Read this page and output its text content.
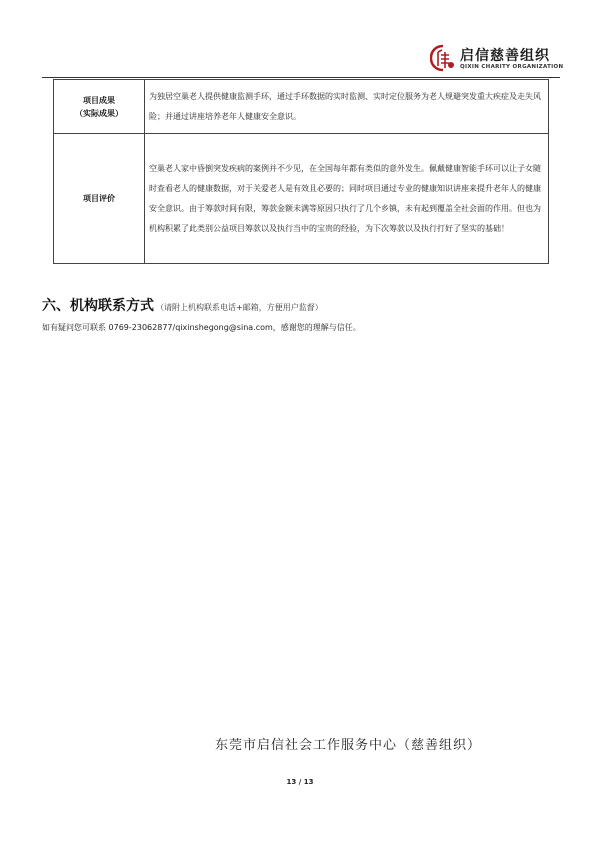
启信慈善组织
QIXIN CHARITY ORGANIZATION
项目成果
（实际成果）	为独居空巢老人提供健康监测手环，通过手环数据的实时监测、实时定位服务为老人规避突发重大疾症及走失风险；并通过讲座培养老年人健康安全意识。

项目评价	空巢老人家中昏倒突发疾病的案例并不少见，在全国每年都有类似的意外发生。佩戴健康智能手环可以让子女随时查看老人的健康数据，对于关爱老人是有效且必要的；同时项目通过专业的健康知识讲座来提升老年人的健康安全意识。由于筹款时间有限，筹款金额未满等原因只执行了几个乡镇，未有起到覆盖全社会面的作用。但也为机构积累了此类别公益项目筹款以及执行当中的宝贵的经验，为下次筹款以及执行打好了坚实的基础！
六、机构联系方式 （请附上机构联系电话+邮箱，方便用户监督）
如有疑问您可联系 0769-23062877/qixinshegong@sina.com，感谢您的理解与信任。
东莞市启信社会工作服务中心（慈善组织）
13 / 13
